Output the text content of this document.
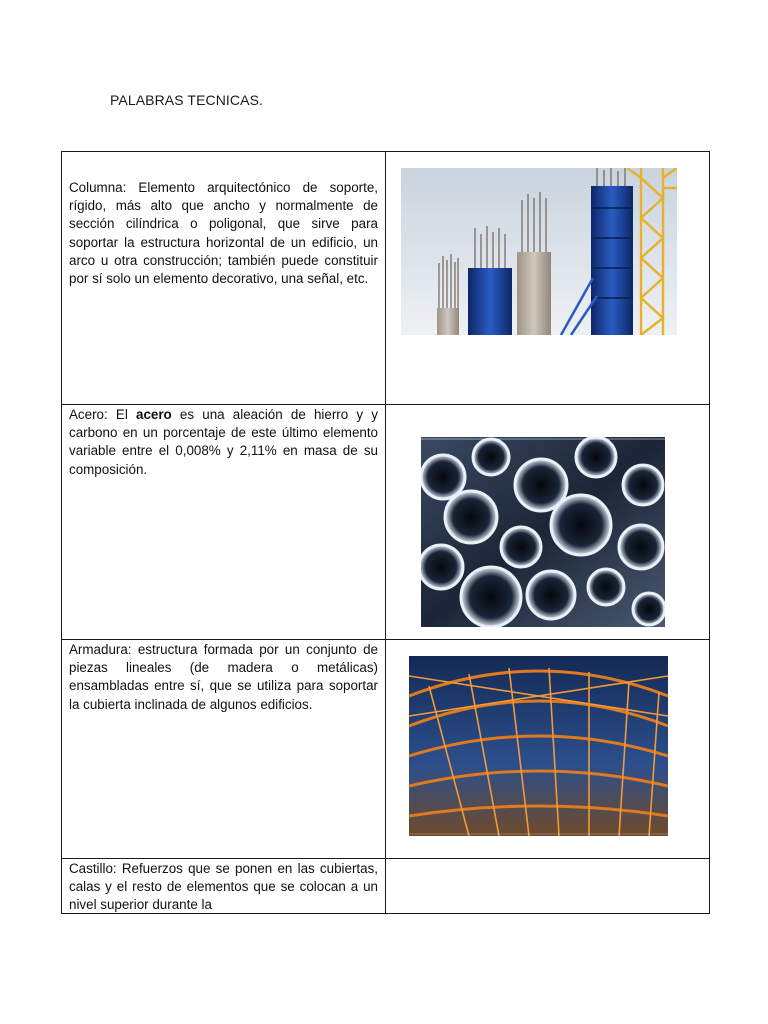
PALABRAS TECNICAS.
Columna: Elemento arquitectónico de soporte, rígido, más alto que ancho y normalmente de sección cilíndrica o poligonal, que sirve para soportar la estructura horizontal de un edificio, un arco u otra construcción; también puede constituir por sí solo un elemento decorativo, una señal, etc.

Acero: El acero es una aleación de hierro y y carbono en un porcentaje de este último elemento variable entre el 0,008% y 2,11% en masa de su composición.

Armadura: estructura formada por un conjunto de piezas lineales (de madera o metálicas) ensambladas entre sí, que se utiliza para soportar la cubierta inclinada de algunos edificios.

Castillo: Refuerzos que se ponen en las cubiertas, calas y el resto de elementos que se colocan a un nivel superior durante la	
